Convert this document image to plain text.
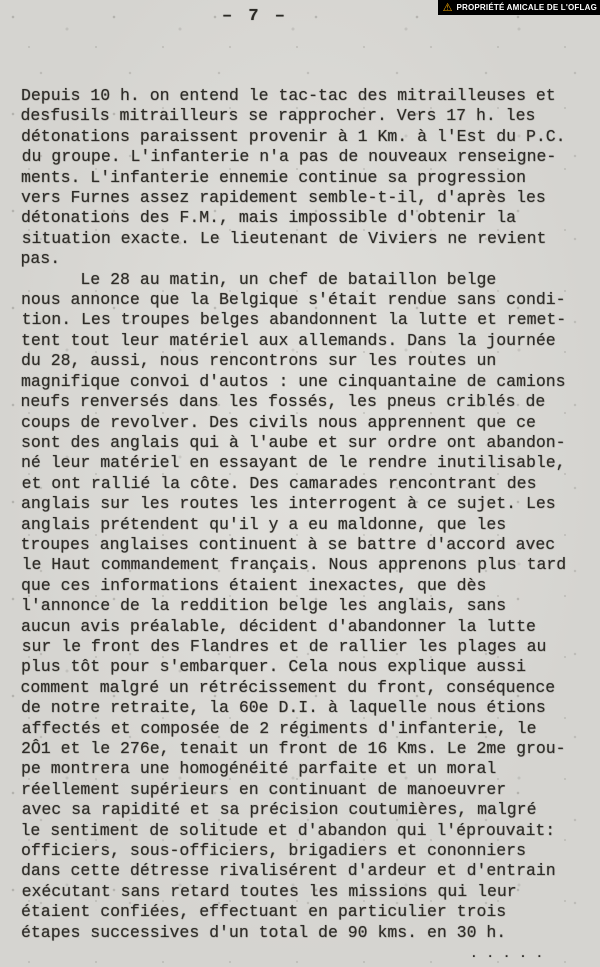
⚠ PROPRIÉTÉ AMICALE DE L'OFLAG
– 7 –
Depuis 10 h. on entend le tac-tac des mitrailleuses et
desfusils mitrailleurs se rapprocher. Vers 17 h. les
détonations paraissent provenir à 1 Km. à l'Est du P.C.
du groupe. L'infanterie n'a pas de nouveaux renseigne-
ments. L'infanterie ennemie continue sa progression
vers Furnes assez rapidement semble-t-il, d'après les
détonations des F.M., mais impossible d'obtenir la
situation exacte. Le lieutenant de Viviers ne revient
pas.
Le 28 au matin, un chef de bataillon belge
nous annonce que la Belgique s'était rendue sans condi-
tion. Les troupes belges abandonnent la lutte et remet-
tent tout leur matériel aux allemands. Dans la journée
du 28, aussi, nous rencontrons sur les routes un
magnifique convoi d'autos : une cinquantaine de camions
neufs renversés dans les fossés, les pneus criblés de
coups de revolver. Des civils nous apprennent que ce
sont des anglais qui à l'aube et sur ordre ont abandon-
né leur matériel en essayant de le rendre inutilisable,
et ont rallié la côte. Des camarades rencontrant des
anglais sur les routes les interrogent à ce sujet. Les
anglais prétendent qu'il y a eu maldonne, que les
troupes anglaises continuent à se battre d'accord avec
le Haut commandement français. Nous apprenons plus tard
que ces informations étaient inexactes, que dès
l'annonce de la reddition belge les anglais, sans
aucun avis préalable, décident d'abandonner la lutte
sur le front des Flandres et de rallier les plages au
plus tôt pour s'embarquer. Cela nous explique aussi
comment malgré un rétrécissement du front, conséquence
de notre retraite, la 60e D.I. à laquelle nous étions
affectés et composée de 2 régiments d'infanterie, le
2Ô1 et le 276e, tenait un front de 16 Kms. Le 2me grou-
pe montrera une homogénéité parfaite et un moral
réellement supérieurs en continuant de manoeuvrer
avec sa rapidité et sa précision coutumières, malgré
le sentiment de solitude et d'abandon qui l'éprouvait:
officiers, sous-officiers, brigadiers et cononniers
dans cette détresse rivalisérent d'ardeur et d'entrain
exécutant sans retard toutes les missions qui leur
étaient confiées, effectuant en particulier trois
étapes successives d'un total de 90 kms. en 30 h.
. . . . .
